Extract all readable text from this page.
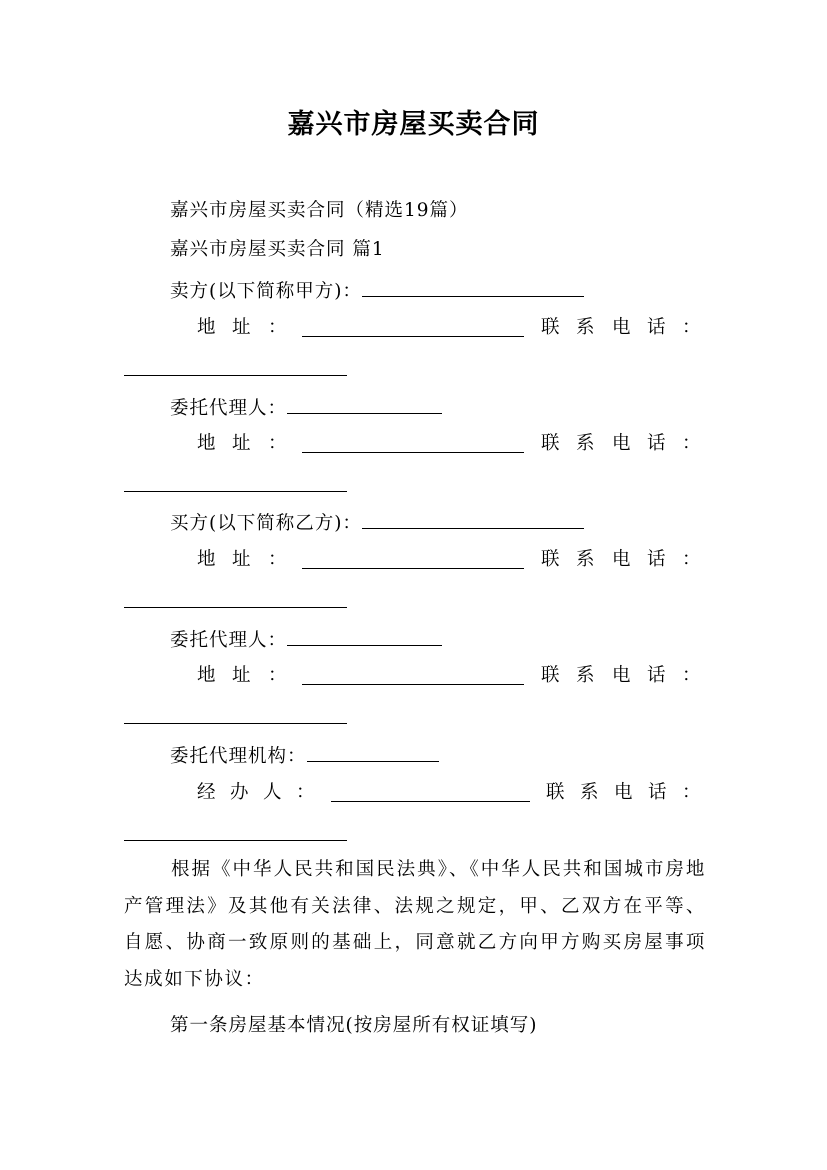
嘉兴市房屋买卖合同
嘉兴市房屋买卖合同（精选19篇）
嘉兴市房屋买卖合同 篇1
卖方(以下简称甲方)：
地 址 ：	联 系 电 话 ：
委托代理人：
地 址 ：	联 系 电 话 ：
买方(以下简称乙方)：
地 址 ：	联 系 电 话 ：
委托代理人：
地 址 ：	联 系 电 话 ：
委托代理机构：
经 办 人 ：	联 系 电 话 ：

根据《中华人民共和国民法典》、《中华人民共和国城市房地产管理法》及其他有关法律、法规之规定，甲、乙双方在平等、自愿、协商一致原则的基础上，同意就乙方向甲方购买房屋事项达成如下协议：

第一条房屋基本情况(按房屋所有权证填写)
